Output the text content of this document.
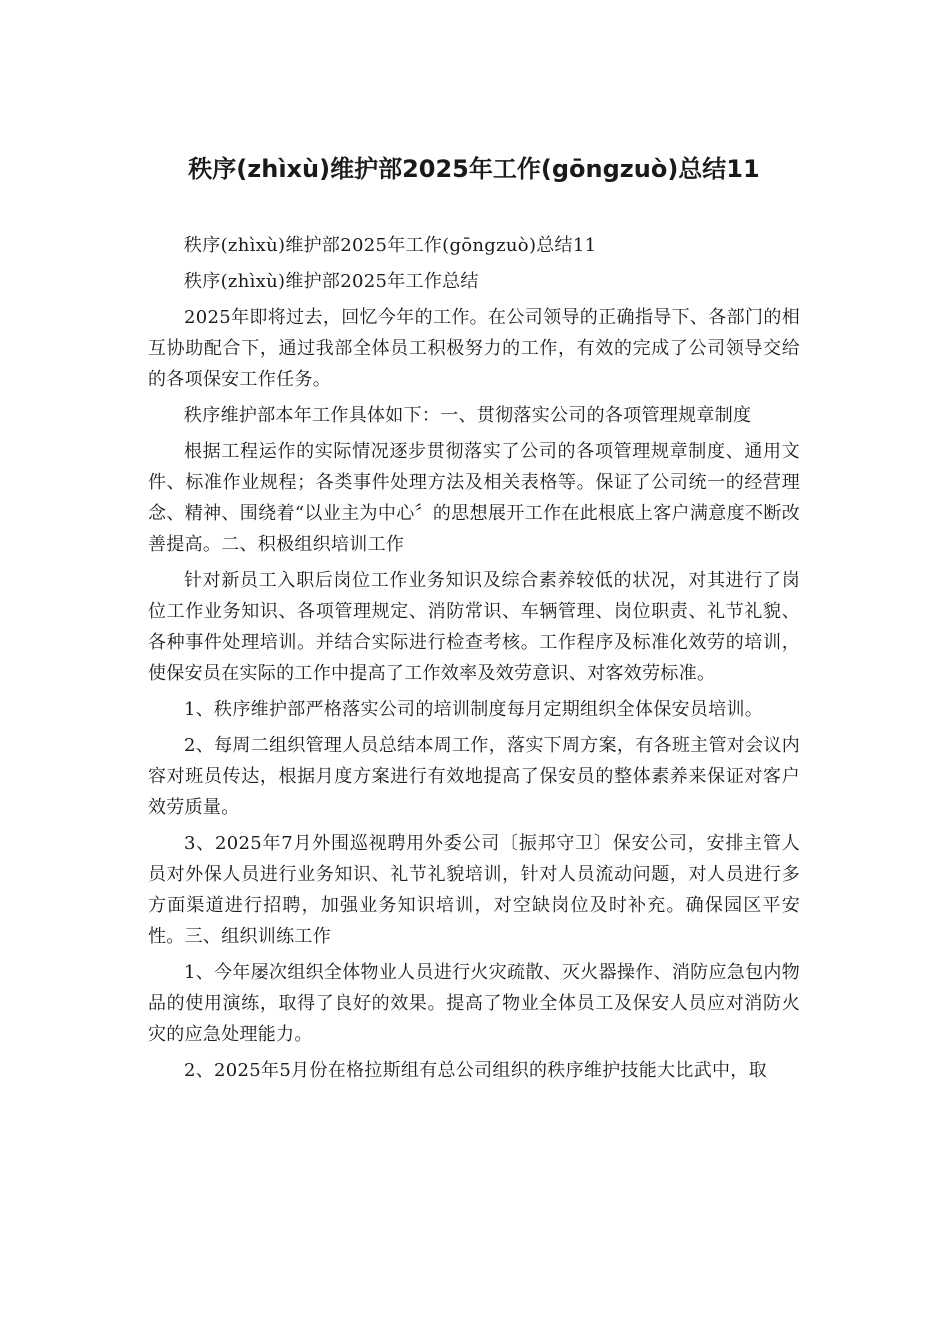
秩序(zhìxù)维护部2025年工作(gōngzuò)总结11

秩序(zhìxù)维护部2025年工作(gōngzuò)总结11

秩序(zhìxù)维护部2025年工作总结

2025年即将过去，回忆今年的工作。在公司领导的正确指导下、各部门的相互协助配合下，通过我部全体员工积极努力的工作，有效的完成了公司领导交给的各项保安工作任务。

秩序维护部本年工作具体如下：一、贯彻落实公司的各项管理规章制度

根据工程运作的实际情况逐步贯彻落实了公司的各项管理规章制度、通用文件、标准作业规程；各类事件处理方法及相关表格等。保证了公司统一的经营理念、精神、围绕着“以业主为中心〞的思想展开工作在此根底上客户满意度不断改善提高。二、积极组织培训工作

针对新员工入职后岗位工作业务知识及综合素养较低的状况，对其进行了岗位工作业务知识、各项管理规定、消防常识、车辆管理、岗位职责、礼节礼貌、各种事件处理培训。并结合实际进行检查考核。工作程序及标准化效劳的培训，使保安员在实际的工作中提高了工作效率及效劳意识、对客效劳标准。

1、秩序维护部严格落实公司的培训制度每月定期组织全体保安员培训。

2、每周二组织管理人员总结本周工作，落实下周方案，有各班主管对会议内容对班员传达，根据月度方案进行有效地提高了保安员的整体素养来保证对客户效劳质量。

3、2025年7月外围巡视聘用外委公司〔振邦守卫〕保安公司，安排主管人员对外保人员进行业务知识、礼节礼貌培训，针对人员流动问题，对人员进行多方面渠道进行招聘，加强业务知识培训，对空缺岗位及时补充。确保园区平安性。三、组织训练工作

1、今年屡次组织全体物业人员进行火灾疏散、灭火器操作、消防应急包内物品的使用演练，取得了良好的效果。提高了物业全体员工及保安人员应对消防火灾的应急处理能力。

2、2025年5月份在格拉斯组有总公司组织的秩序维护技能大比武中，取
